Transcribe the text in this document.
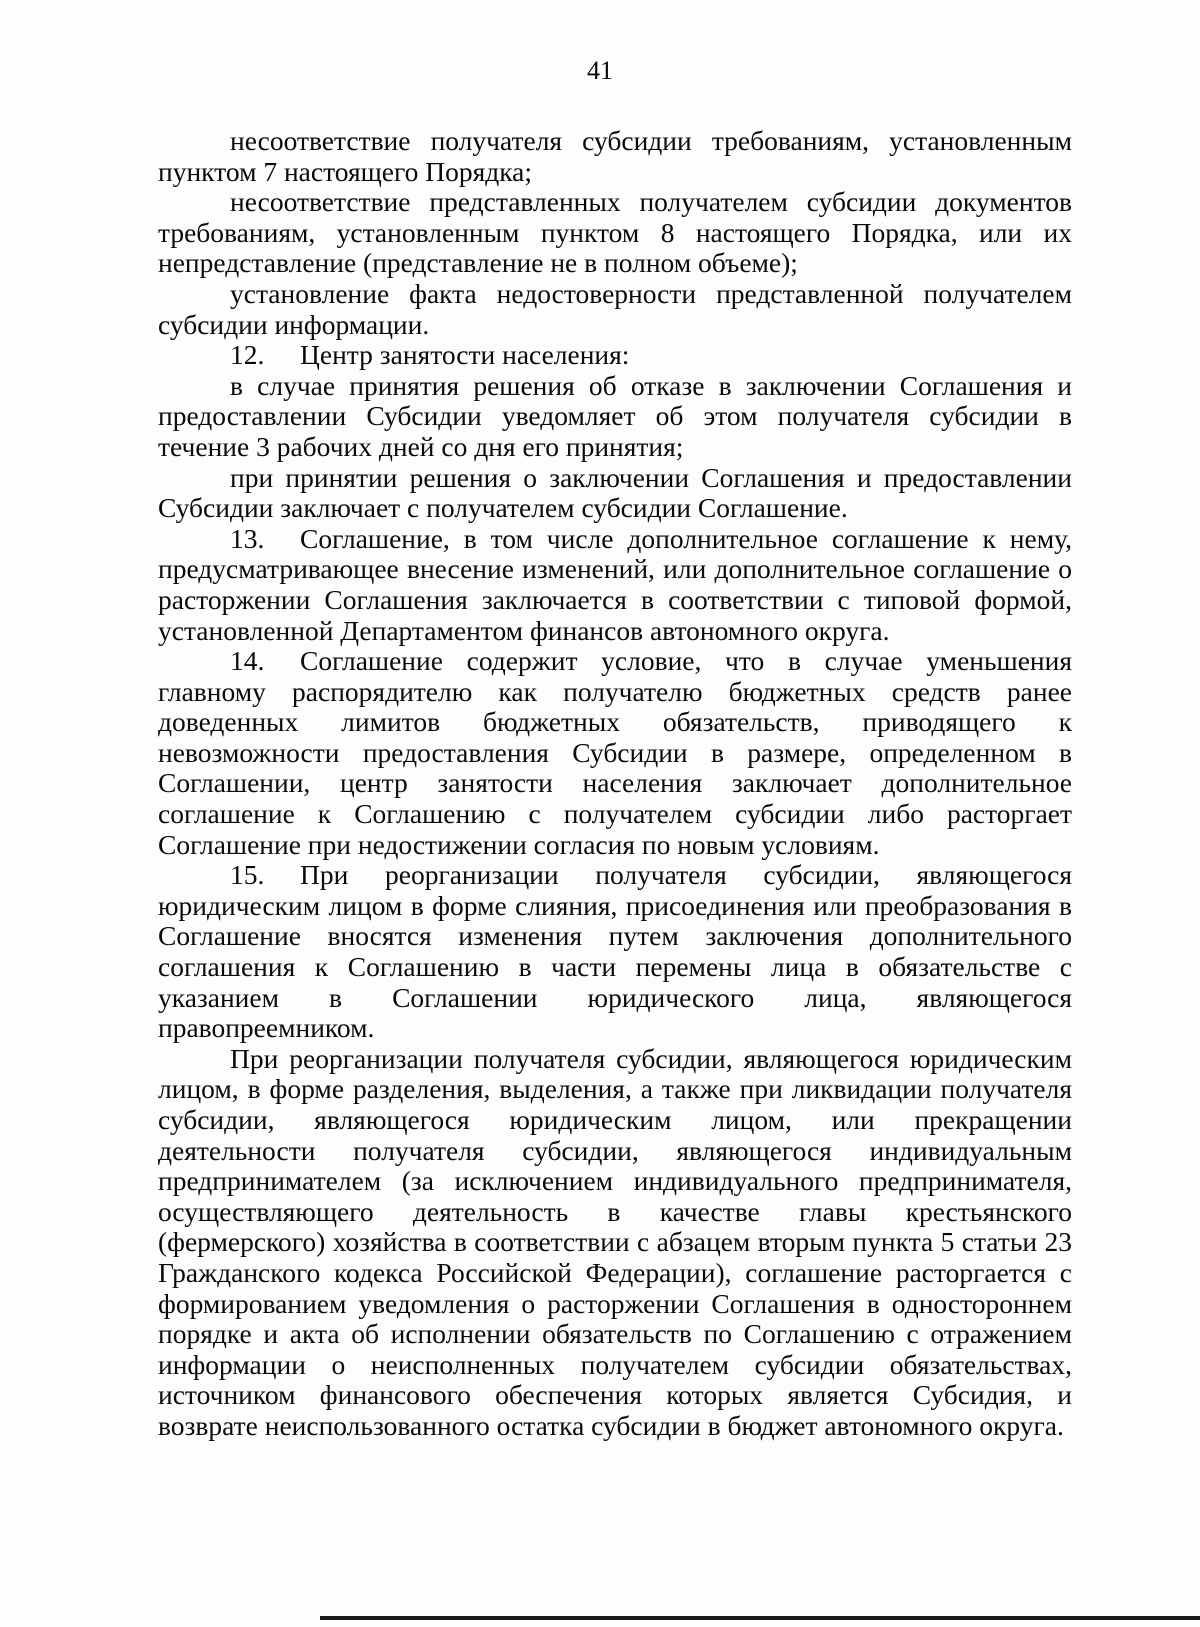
41

несоответствие получателя субсидии требованиям, установленным пунктом 7 настоящего Порядка;

несоответствие представленных получателем субсидии документов требованиям, установленным пунктом 8 настоящего Порядка, или их непредставление (представление не в полном объеме);

установление факта недостоверности представленной получателем субсидии информации.

12. Центр занятости населения:

в случае принятия решения об отказе в заключении Соглашения и предоставлении Субсидии уведомляет об этом получателя субсидии в течение 3 рабочих дней со дня его принятия;

при принятии решения о заключении Соглашения и предоставлении Субсидии заключает с получателем субсидии Соглашение.

13. Соглашение, в том числе дополнительное соглашение к нему, предусматривающее внесение изменений, или дополнительное соглашение о расторжении Соглашения заключается в соответствии с типовой формой, установленной Департаментом финансов автономного округа.

14. Соглашение содержит условие, что в случае уменьшения главному распорядителю как получателю бюджетных средств ранее доведенных лимитов бюджетных обязательств, приводящего к невозможности предоставления Субсидии в размере, определенном в Соглашении, центр занятости населения заключает дополнительное соглашение к Соглашению с получателем субсидии либо расторгает Соглашение при недостижении согласия по новым условиям.

15. При реорганизации получателя субсидии, являющегося юридическим лицом в форме слияния, присоединения или преобразования в Соглашение вносятся изменения путем заключения дополнительного соглашения к Соглашению в части перемены лица в обязательстве с указанием в Соглашении юридического лица, являющегося правопреемником.

При реорганизации получателя субсидии, являющегося юридическим лицом, в форме разделения, выделения, а также при ликвидации получателя субсидии, являющегося юридическим лицом, или прекращении деятельности получателя субсидии, являющегося индивидуальным предпринимателем (за исключением индивидуального предпринимателя, осуществляющего деятельность в качестве главы крестьянского (фермерского) хозяйства в соответствии с абзацем вторым пункта 5 статьи 23 Гражданского кодекса Российской Федерации), соглашение расторгается с формированием уведомления о расторжении Соглашения в одностороннем порядке и акта об исполнении обязательств по Соглашению с отражением информации о неисполненных получателем субсидии обязательствах, источником финансового обеспечения которых является Субсидия, и возврате неиспользованного остатка субсидии в бюджет автономного округа.
